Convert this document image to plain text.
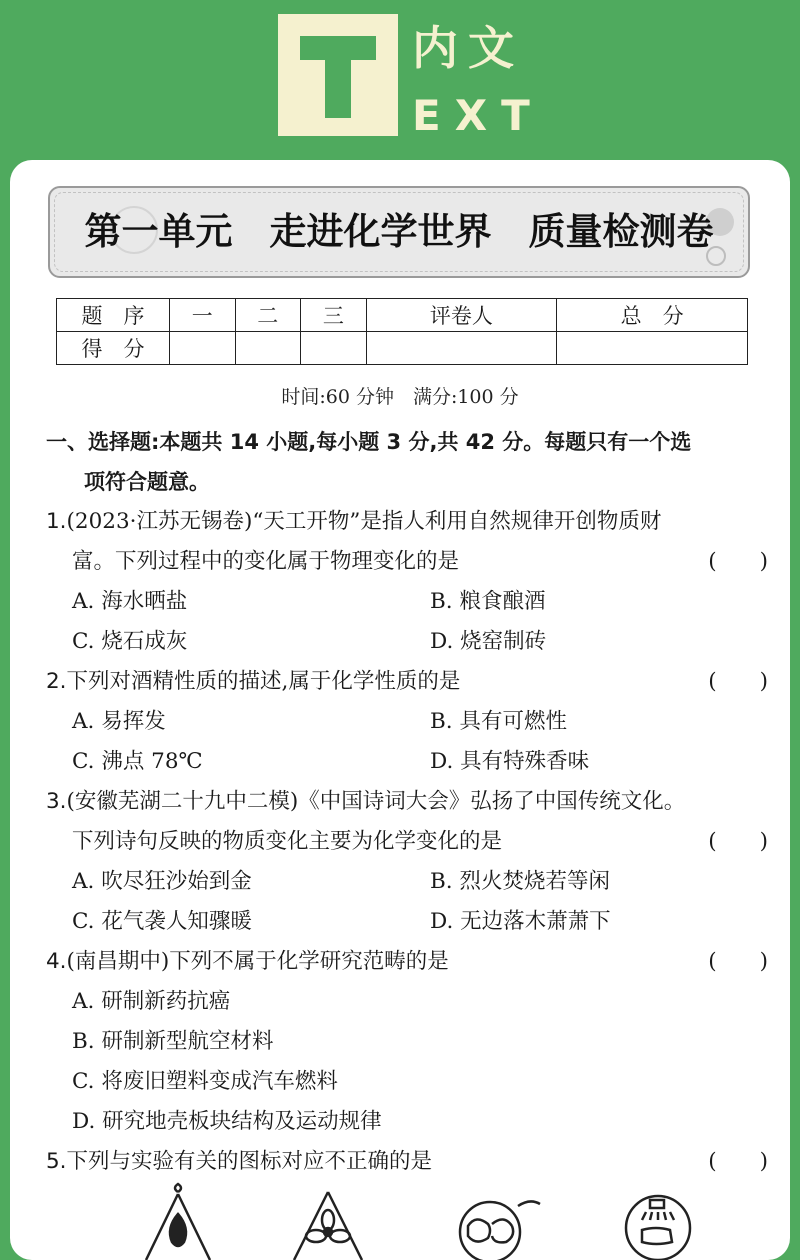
内文
EXT
第一单元　走进化学世界　质量检测卷
题　序	一	二	三	评卷人	总　分
得　分					
时间:60 分钟　满分:100 分
一、选择题:本题共 14 小题,每小题 3 分,共 42 分。每题只有一个选
项符合题意。
1.(2023·江苏无锡卷)“天工开物”是指人利用自然规律开创物质财
富。下列过程中的变化属于物理变化的是	(　　)
A. 海水晒盐	B. 粮食酿酒
C. 烧石成灰	D. 烧窑制砖
2.下列对酒精性质的描述,属于化学性质的是	(　　)
A. 易挥发	B. 具有可燃性
C. 沸点 78℃	D. 具有特殊香味
3.(安徽芜湖二十九中二模)《中国诗词大会》弘扬了中国传统文化。
下列诗句反映的物质变化主要为化学变化的是	(　　)
A. 吹尽狂沙始到金	B. 烈火焚烧若等闲
C. 花气袭人知骤暖	D. 无边落木萧萧下
4.(南昌期中)下列不属于化学研究范畴的是	(　　)
A. 研制新药抗癌
B. 研制新型航空材料
C. 将废旧塑料变成汽车燃料
D. 研究地壳板块结构及运动规律
5.下列与实验有关的图标对应不正确的是	(　　)
